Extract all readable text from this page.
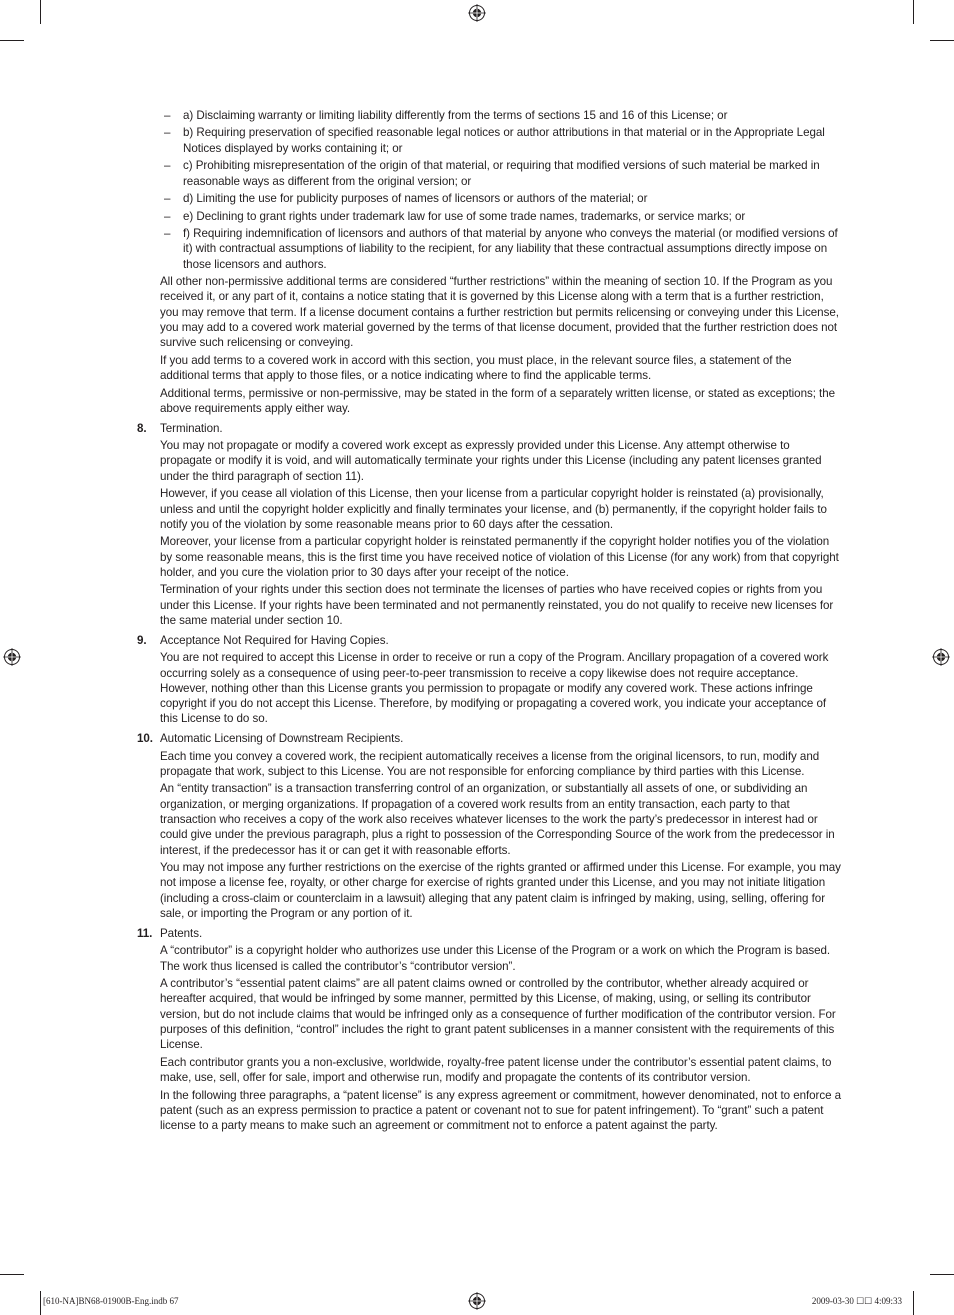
– a) Disclaiming warranty or limiting liability differently from the terms of sections 15 and 16 of this License; or
– b) Requiring preservation of specified reasonable legal notices or author attributions in that material or in the Appropriate Legal Notices displayed by works containing it; or
– c) Prohibiting misrepresentation of the origin of that material, or requiring that modified versions of such material be marked in reasonable ways as different from the original version; or
– d) Limiting the use for publicity purposes of names of licensors or authors of the material; or
– e) Declining to grant rights under trademark law for use of some trade names, trademarks, or service marks; or
– f) Requiring indemnification of licensors and authors of that material by anyone who conveys the material (or modified versions of it) with contractual assumptions of liability to the recipient, for any liability that these contractual assumptions directly impose on those licensors and authors.

All other non-permissive additional terms are considered “further restrictions” within the meaning of section 10. If the Program as you received it, or any part of it, contains a notice stating that it is governed by this License along with a term that is a further restriction, you may remove that term. If a license document contains a further restriction but permits relicensing or conveying under this License, you may add to a covered work material governed by the terms of that license document, provided that the further restriction does not survive such relicensing or conveying.

If you add terms to a covered work in accord with this section, you must place, in the relevant source files, a statement of the additional terms that apply to those files, or a notice indicating where to find the applicable terms.

Additional terms, permissive or non-permissive, may be stated in the form of a separately written license, or stated as exceptions; the above requirements apply either way.

8. Termination.

You may not propagate or modify a covered work except as expressly provided under this License. Any attempt otherwise to propagate or modify it is void, and will automatically terminate your rights under this License (including any patent licenses granted under the third paragraph of section 11).

However, if you cease all violation of this License, then your license from a particular copyright holder is reinstated (a) provisionally, unless and until the copyright holder explicitly and finally terminates your license, and (b) permanently, if the copyright holder fails to notify you of the violation by some reasonable means prior to 60 days after the cessation.

Moreover, your license from a particular copyright holder is reinstated permanently if the copyright holder notifies you of the violation by some reasonable means, this is the first time you have received notice of violation of this License (for any work) from that copyright holder, and you cure the violation prior to 30 days after your receipt of the notice.

Termination of your rights under this section does not terminate the licenses of parties who have received copies or rights from you under this License. If your rights have been terminated and not permanently reinstated, you do not qualify to receive new licenses for the same material under section 10.

9. Acceptance Not Required for Having Copies.

You are not required to accept this License in order to receive or run a copy of the Program. Ancillary propagation of a covered work occurring solely as a consequence of using peer-to-peer transmission to receive a copy likewise does not require acceptance. However, nothing other than this License grants you permission to propagate or modify any covered work. These actions infringe copyright if you do not accept this License. Therefore, by modifying or propagating a covered work, you indicate your acceptance of this License to do so.

10. Automatic Licensing of Downstream Recipients.

Each time you convey a covered work, the recipient automatically receives a license from the original licensors, to run, modify and propagate that work, subject to this License. You are not responsible for enforcing compliance by third parties with this License.

An “entity transaction” is a transaction transferring control of an organization, or substantially all assets of one, or subdividing an organization, or merging organizations. If propagation of a covered work results from an entity transaction, each party to that transaction who receives a copy of the work also receives whatever licenses to the work the party’s predecessor in interest had or could give under the previous paragraph, plus a right to possession of the Corresponding Source of the work from the predecessor in interest, if the predecessor has it or can get it with reasonable efforts.

You may not impose any further restrictions on the exercise of the rights granted or affirmed under this License. For example, you may not impose a license fee, royalty, or other charge for exercise of rights granted under this License, and you may not initiate litigation (including a cross-claim or counterclaim in a lawsuit) alleging that any patent claim is infringed by making, using, selling, offering for sale, or importing the Program or any portion of it.

11. Patents.

A “contributor” is a copyright holder who authorizes use under this License of the Program or a work on which the Program is based. The work thus licensed is called the contributor’s “contributor version”.

A contributor’s “essential patent claims” are all patent claims owned or controlled by the contributor, whether already acquired or hereafter acquired, that would be infringed by some manner, permitted by this License, of making, using, or selling its contributor version, but do not include claims that would be infringed only as a consequence of further modification of the contributor version. For purposes of this definition, “control” includes the right to grant patent sublicenses in a manner consistent with the requirements of this License.

Each contributor grants you a non-exclusive, worldwide, royalty-free patent license under the contributor’s essential patent claims, to make, use, sell, offer for sale, import and otherwise run, modify and propagate the contents of its contributor version.

In the following three paragraphs, a “patent license” is any express agreement or commitment, however denominated, not to enforce a patent (such as an express permission to practice a patent or covenant not to sue for patent infringement). To “grant” such a patent license to a party means to make such an agreement or commitment not to enforce a patent against the party.

[610-NA]BN68-01900B-Eng.indb 67	2009-03-30 ☐☐ 4:09:33
